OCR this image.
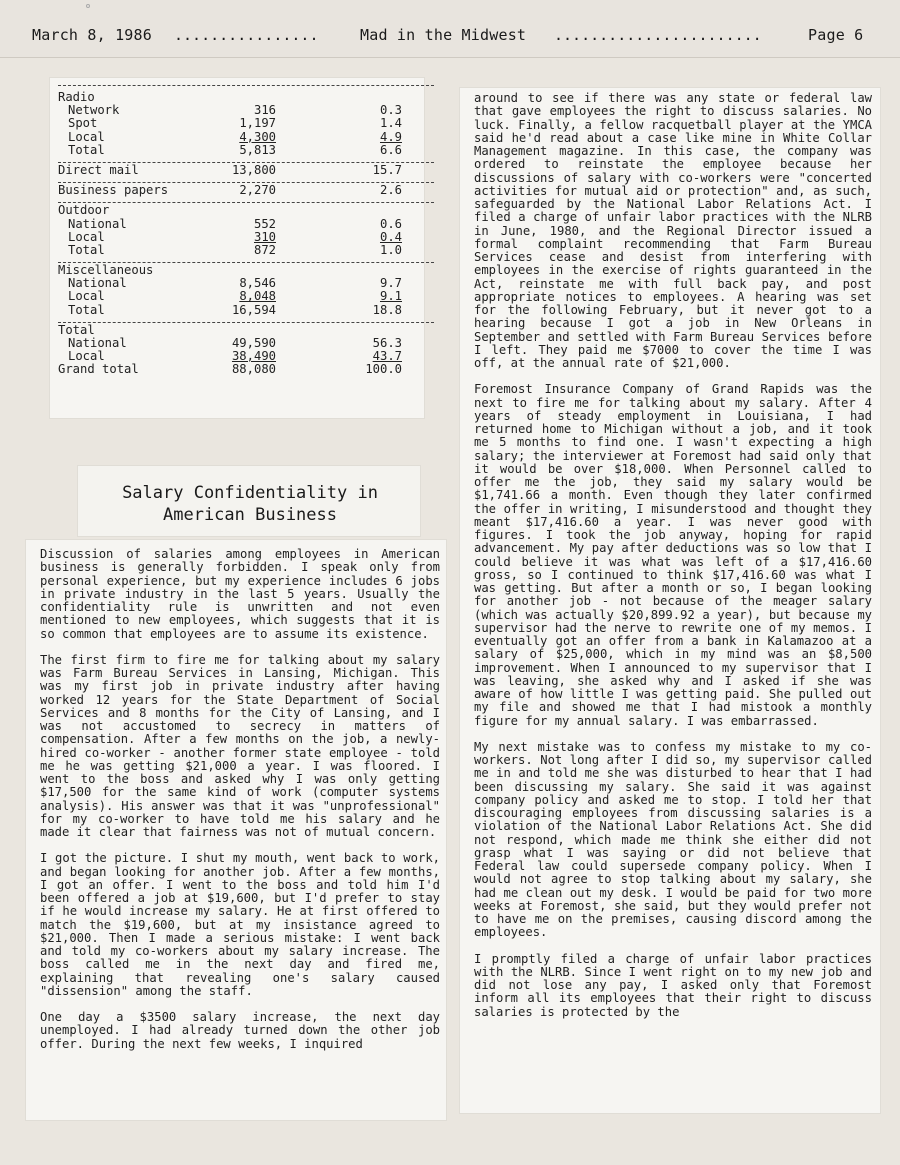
March 8, 1986 ................	Mad in the Midwest .......................	Page 6
Radio
Network	316	0.3
Spot	1,197	1.4
Local	4,300	4.9
Total	5,813	6.6
Direct mail	13,800	15.7
Business papers	2,270	2.6
Outdoor
National	552	0.6
Local	310	0.4
Total	872	1.0
Miscellaneous
National	8,546	9.7
Local	8,048	9.1
Total	16,594	18.8
Total
National	49,590	56.3
Local	38,490	43.7
Grand total	88,080	100.0
Salary Confidentiality in
American Business

Discussion of salaries among employees in American business is generally forbidden. I speak only from personal experience, but my experience includes 6 jobs in private industry in the last 5 years. Usually the confidentiality rule is unwritten and not even mentioned to new employees, which suggests that it is so common that employees are to assume its existence.

The first firm to fire me for talking about my salary was Farm Bureau Services in Lansing, Michigan. This was my first job in private industry after having worked 12 years for the State Department of Social Services and 8 months for the City of Lansing, and I was not accustomed to secrecy in matters of compensation. After a few months on the job, a newly-hired co-worker - another former state employee - told me he was getting $21,000 a year. I was floored. I went to the boss and asked why I was only getting $17,500 for the same kind of work (computer systems analysis). His answer was that it was "unprofessional" for my co-worker to have told me his salary and he made it clear that fairness was not of mutual concern.

I got the picture. I shut my mouth, went back to work, and began looking for another job. After a few months, I got an offer. I went to the boss and told him I'd been offered a job at $19,600, but I'd prefer to stay if he would increase my salary. He at first offered to match the $19,600, but at my insistance agreed to $21,000. Then I made a serious mistake: I went back and told my co-workers about my salary increase. The boss called me in the next day and fired me, explaining that revealing one's salary caused "dissension" among the staff.

One day a $3500 salary increase, the next day unemployed. I had already turned down the other job offer. During the next few weeks, I inquired

around to see if there was any state or federal law that gave employees the right to discuss salaries. No luck. Finally, a fellow racquetball player at the YMCA said he'd read about a case like mine in White Collar Management magazine. In this case, the company was ordered to reinstate the employee because her discussions of salary with co-workers were "concerted activities for mutual aid or protection" and, as such, safeguarded by the National Labor Relations Act. I filed a charge of unfair labor practices with the NLRB in June, 1980, and the Regional Director issued a formal complaint recommending that Farm Bureau Services cease and desist from interfering with employees in the exercise of rights guaranteed in the Act, reinstate me with full back pay, and post appropriate notices to employees. A hearing was set for the following February, but it never got to a hearing because I got a job in New Orleans in September and settled with Farm Bureau Services before I left. They paid me $7000 to cover the time I was off, at the annual rate of $21,000.

Foremost Insurance Company of Grand Rapids was the next to fire me for talking about my salary. After 4 years of steady employment in Louisiana, I had returned home to Michigan without a job, and it took me 5 months to find one. I wasn't expecting a high salary; the interviewer at Foremost had said only that it would be over $18,000. When Personnel called to offer me the job, they said my salary would be $1,741.66 a month. Even though they later confirmed the offer in writing, I misunderstood and thought they meant $17,416.60 a year. I was never good with figures. I took the job anyway, hoping for rapid advancement. My pay after deductions was so low that I could believe it was what was left of a $17,416.60 gross, so I continued to think $17,416.60 was what I was getting. But after a month or so, I began looking for another job - not because of the meager salary (which was actually $20,899.92 a year), but because my supervisor had the nerve to rewrite one of my memos. I eventually got an offer from a bank in Kalamazoo at a salary of $25,000, which in my mind was an $8,500 improvement. When I announced to my supervisor that I was leaving, she asked why and I asked if she was aware of how little I was getting paid. She pulled out my file and showed me that I had mistook a monthly figure for my annual salary. I was embarrassed.

My next mistake was to confess my mistake to my co-workers. Not long after I did so, my supervisor called me in and told me she was disturbed to hear that I had been discussing my salary. She said it was against company policy and asked me to stop. I told her that discouraging employees from discussing salaries is a violation of the National Labor Relations Act. She did not respond, which made me think she either did not grasp what I was saying or did not believe that Federal law could supersede company policy. When I would not agree to stop talking about my salary, she had me clean out my desk. I would be paid for two more weeks at Foremost, she said, but they would prefer not to have me on the premises, causing discord among the employees.

I promptly filed a charge of unfair labor practices with the NLRB. Since I went right on to my new job and did not lose any pay, I asked only that Foremost inform all its employees that their right to discuss salaries is protected by the
